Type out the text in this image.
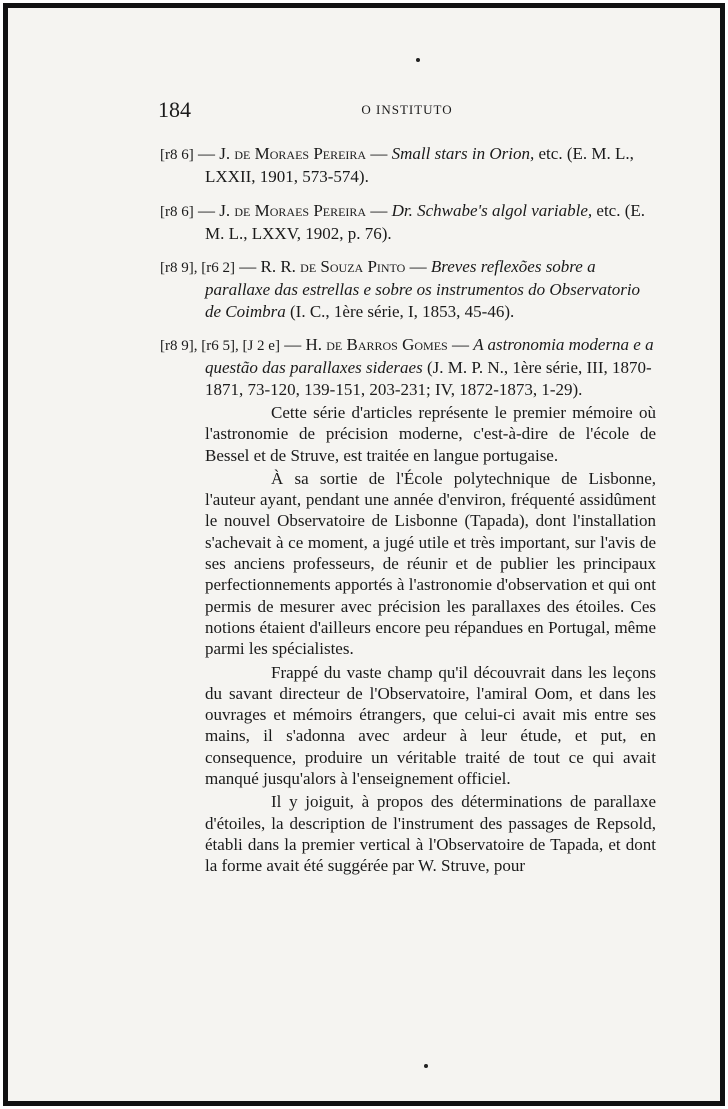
184	O INSTITUTO

[r8 6] — J. de Moraes Pereira — Small stars in Orion, etc. (E. M. L., LXXII, 1901, 573-574).

[r8 6] — J. de Moraes Pereira — Dr. Schwabe's algol variable, etc. (E. M. L., LXXV, 1902, p. 76).

[r8 9], [r6 2] — R. R. de Souza Pinto — Breves reflexões sobre a parallaxe das estrellas e sobre os instrumentos do Observatorio de Coimbra (I. C., 1ère série, I, 1853, 45-46).

[r8 9], [r6 5], [J 2 e] — H. de Barros Gomes — A astronomia moderna e a questão das parallaxes sideraes (J. M. P. N., 1ère série, III, 1870-1871, 73-120, 139-151, 203-231; IV, 1872-1873, 1-29).

Cette série d'articles représente le premier mémoire où l'astronomie de précision moderne, c'est-à-dire de l'école de Bessel et de Struve, est traitée en langue portugaise.

À sa sortie de l'École polytechnique de Lisbonne, l'auteur ayant, pendant une année d'environ, fréquenté assidûment le nouvel Observatoire de Lisbonne (Tapada), dont l'installation s'achevait à ce moment, a jugé utile et très important, sur l'avis de ses anciens professeurs, de réunir et de publier les principaux perfectionnements apportés à l'astronomie d'observation et qui ont permis de mesurer avec précision les parallaxes des étoiles. Ces notions étaient d'ailleurs encore peu répandues en Portugal, même parmi les spécialistes.

Frappé du vaste champ qu'il découvrait dans les leçons du savant directeur de l'Observatoire, l'amiral Oom, et dans les ouvrages et mémoirs étrangers, que celui-ci avait mis entre ses mains, il s'adonna avec ardeur à leur étude, et put, en consequence, produire un véritable traité de tout ce qui avait manqué jusqu'alors à l'enseignement officiel.

Il y joiguit, à propos des déterminations de parallaxe d'étoiles, la description de l'instrument des passages de Repsold, établi dans la premier vertical à l'Observatoire de Tapada, et dont la forme avait été suggérée par W. Struve, pour
